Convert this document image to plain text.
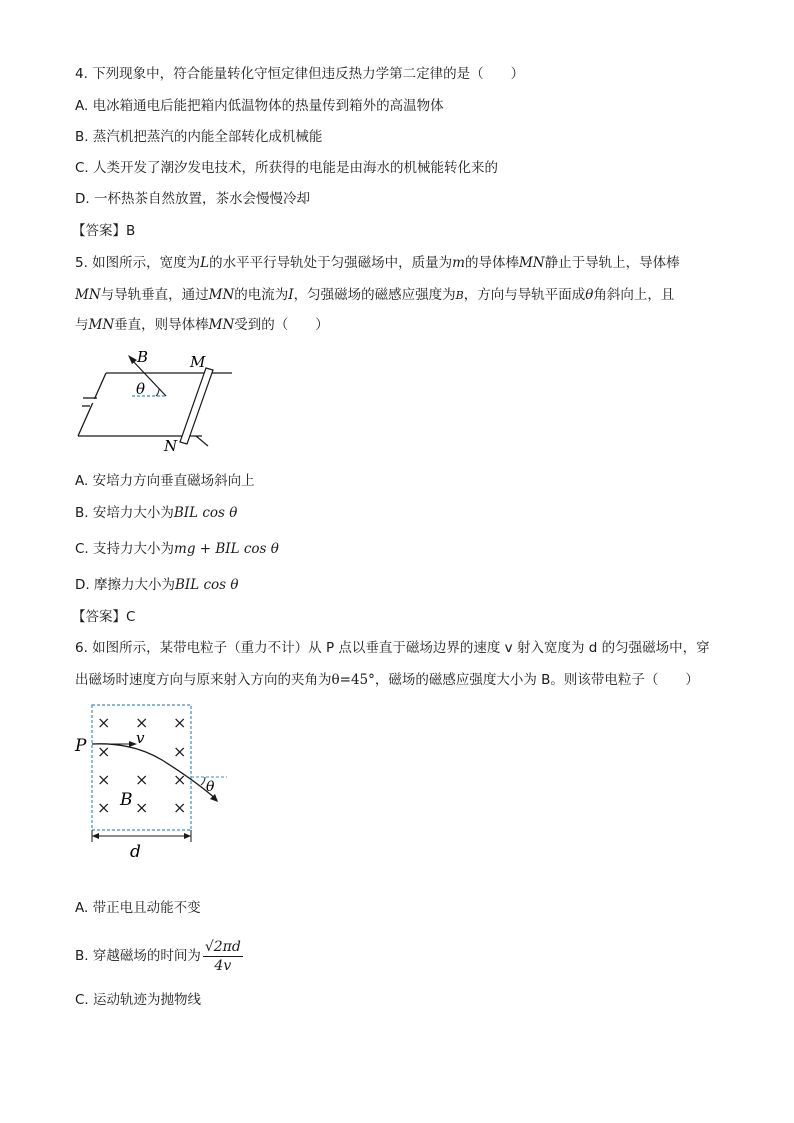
4. 下列现象中，符合能量转化守恒定律但违反热力学第二定律的是（　　）
A. 电冰箱通电后能把箱内低温物体的热量传到箱外的高温物体
B. 蒸汽机把蒸汽的内能全部转化成机械能
C. 人类开发了潮汐发电技术，所获得的电能是由海水的机械能转化来的
D. 一杯热茶自然放置，茶水会慢慢冷却
【答案】B
5. 如图所示，宽度为L的水平平行导轨处于匀强磁场中，质量为m的导体棒MN静止于导轨上，导体棒
MN与导轨垂直，通过MN的电流为I，匀强磁场的磁感应强度为B，方向与导轨平面成θ角斜向上，且
与MN垂直，则导体棒MN受到的（　　）
B	M
N
θ
A. 安培力方向垂直磁场斜向上
B. 安培力大小为BIL cos θ
C. 支持力大小为mg + BIL cos θ
D. 摩擦力大小为BIL cos θ
【答案】C
6. 如图所示，某带电粒子（重力不计）从 P 点以垂直于磁场边界的速度 v 射入宽度为 d 的匀强磁场中，穿
出磁场时速度方向与原来射入方向的夹角为θ=45°，磁场的磁感应强度大小为 B。则该带电粒子（　　）
× × ×
×	×
× × ×
× × ×
P	v
B
θ
d
A. 带正电且动能不变
B. 穿越磁场的时间为 $\frac{√2\pi d}{4v}$
C. 运动轨迹为抛物线
